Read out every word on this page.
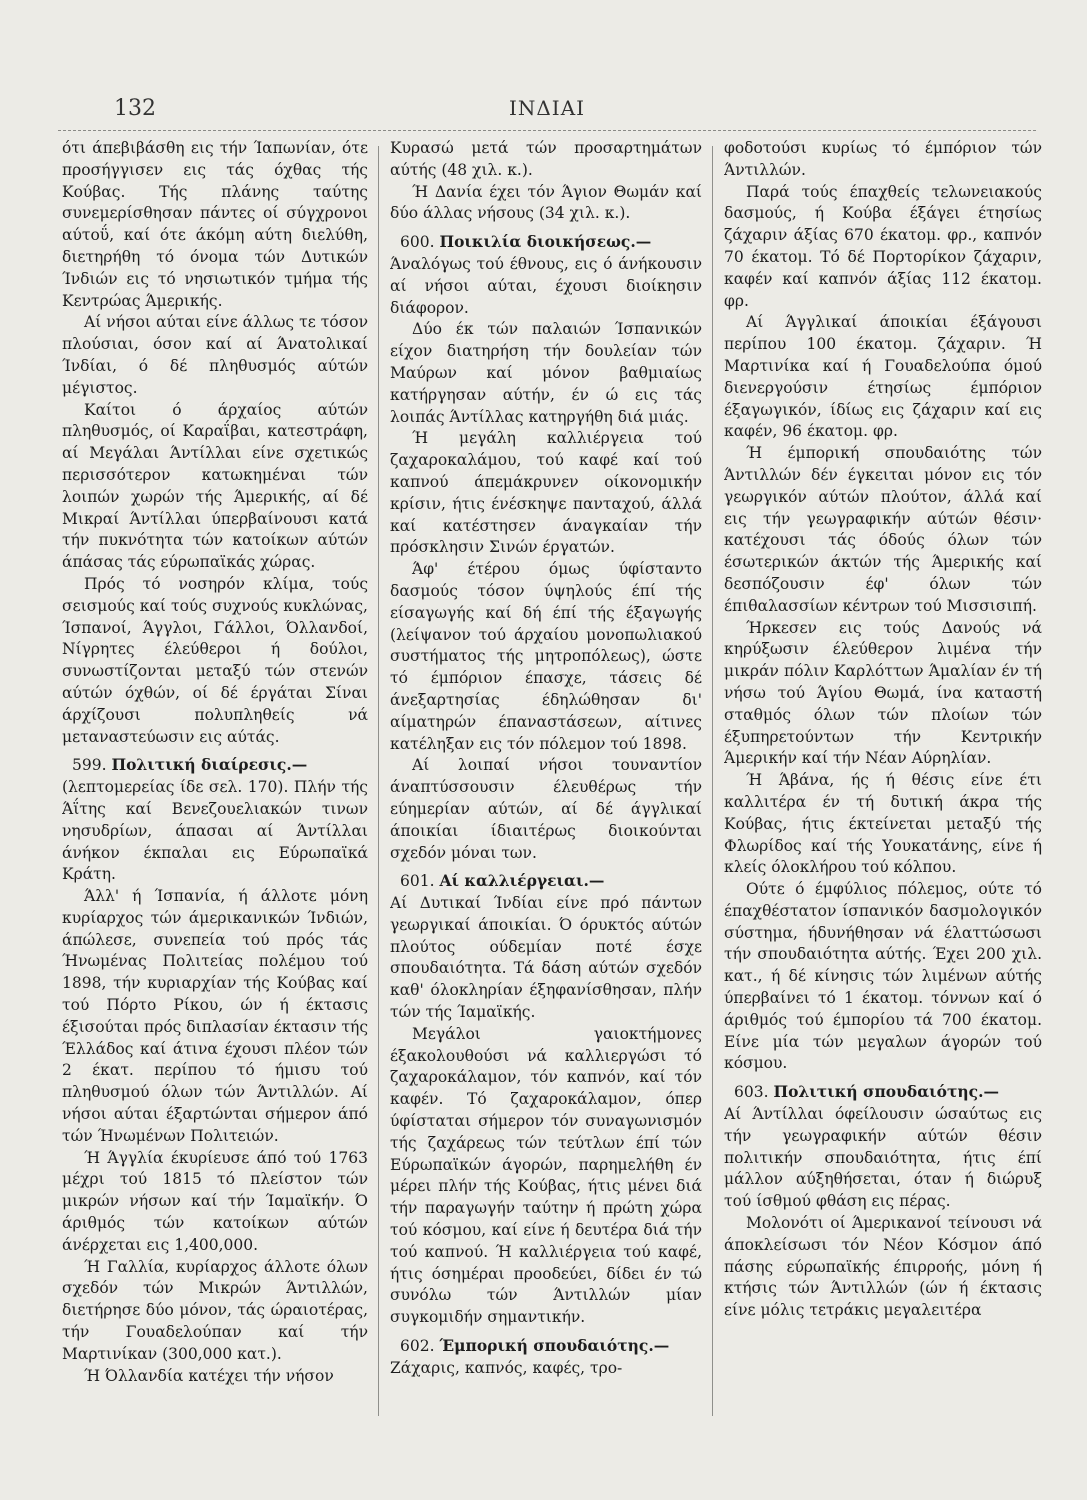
132	ΙΝΔΙΑΙ

ότι άπεβιβάσθη εις τήν Ίαπωνίαν, ότε προσήγγισεν εις τάς όχθας τής Κούβας. Τής πλάνης ταύτης συνεμερίσθησαν πάντες οί σύγχρονοι αύτοΰ, καί ότε άκόμη αύτη διελύθη, διετηρήθη τό όνομα τών Δυτικών Ίνδιών εις τό νησιωτικόν τμήμα τής Κεντρώας Άμερικής.

Αί νήσοι αύται είνε άλλως τε τόσον πλούσιαι, όσον καί αί Άνατολικαί Ίνδίαι, ό δέ πληθυσμός αύτών μέγιστος.

Καίτοι ό άρχαίος αύτών πληθυσμός, οί Καραΐβαι, κατεστράφη, αί Μεγάλαι Άντίλλαι είνε σχετικώς περισσότερον κατωκημέναι τών λοιπών χωρών τής Άμερικής, αί δέ Μικραί Άντίλλαι ύπερβαίνουσι κατά τήν πυκνότητα τών κατοίκων αύτών άπάσας τάς εύρωπαϊκάς χώρας.

Πρός τό νοσηρόν κλίμα, τούς σεισμούς καί τούς συχνούς κυκλώνας, Ίσπανοί, Άγγλοι, Γάλλοι, Όλλανδοί, Νίγρητες έλεύθεροι ή δούλοι, συνωστίζονται μεταξύ τών στενών αύτών όχθών, οί δέ έργάται Σίναι άρχίζουσι πολυπληθείς νά μεταναστεύωσιν εις αύτάς.

599. Πολιτική διαίρεσις.—

(λεπτομερείας ίδε σελ. 170). Πλήν τής Άΐτης καί Βενεζουελιακών τινων νησυδρίων, άπασαι αί Άντίλλαι άνήκον έκπαλαι εις Εύρωπαϊκά Κράτη.

Άλλ' ή Ίσπανία, ή άλλοτε μόνη κυρίαρχος τών άμερικανικών Ίνδιών, άπώλεσε, συνεπεία τού πρός τάς Ήνωμένας Πολιτείας πολέμου τού 1898, τήν κυριαρχίαν τής Κούβας καί τού Πόρτο Ρίκου, ών ή έκτασις έξισούται πρός διπλασίαν έκτασιν τής Έλλάδος καί άτινα έχουσι πλέον τών 2 έκατ. περίπου τό ήμισυ τού πληθυσμού όλων τών Άντιλλών. Αί νήσοι αύται έξαρτώνται σήμερον άπό τών Ήνωμένων Πολιτειών.

Ή Άγγλία έκυρίευσε άπό τού 1763 μέχρι τού 1815 τό πλείστον τών μικρών νήσων καί τήν Ίαμαϊκήν. Ό άριθμός τών κατοίκων αύτών άνέρχεται εις 1,400,000.

Ή Γαλλία, κυρίαρχος άλλοτε όλων σχεδόν τών Μικρών Άντιλλών, διετήρησε δύο μόνον, τάς ώραιοτέρας, τήν Γουαδελούπαν καί τήν Μαρτινίκαν (300,000 κατ.).

Ή Όλλανδία κατέχει τήν νήσον

Κυρασώ μετά τών προσαρτημάτων αύτής (48 χιλ. κ.).

Ή Δανία έχει τόν Άγιον Θωμάν καί δύο άλλας νήσους (34 χιλ. κ.).

600. Ποικιλία διοικήσεως.—

Άναλόγως τού έθνους, εις ό άνήκουσιν αί νήσοι αύται, έχουσι διοίκησιν διάφορον.

Δύο έκ τών παλαιών Ίσπανικών είχον διατηρήση τήν δουλείαν τών Μαύρων καί μόνον βαθμιαίως κατήργησαν αύτήν, έν ώ εις τάς λοιπάς Άντίλλας κατηργήθη διά μιάς.

Ή μεγάλη καλλιέργεια τού ζαχαροκαλάμου, τού καφέ καί τού καπνού άπεμάκρυνεν οίκονομικήν κρίσιν, ήτις ένέσκηψε πανταχού, άλλά καί κατέστησεν άναγκαίαν τήν πρόσκλησιν Σινών έργατών.

Άφ' έτέρου όμως ύφίσταντο δασμούς τόσον ύψηλούς έπί τής είσαγωγής καί δή έπί τής έξαγωγής (λείψανον τού άρχαίου μονοπωλιακού συστήματος τής μητροπόλεως), ώστε τό έμπόριον έπασχε, τάσεις δέ άνεξαρτησίας έδηλώθησαν δι' αίματηρών έπαναστάσεων, αίτινες κατέληξαν εις τόν πόλεμον τού 1898.

Αί λοιπαί νήσοι τουναντίον άναπτύσσουσιν έλευθέρως τήν εύημερίαν αύτών, αί δέ άγγλικαί άποικίαι ίδιαιτέρως διοικούνται σχεδόν μόναι των.

601. Αί καλλιέργειαι.—

Αί Δυτικαί Ίνδίαι είνε πρό πάντων γεωργικαί άποικίαι. Ό όρυκτός αύτών πλούτος ούδεμίαν ποτέ έσχε σπουδαιότητα. Τά δάση αύτών σχεδόν καθ' όλοκληρίαν έξηφανίσθησαν, πλήν τών τής Ίαμαϊκής.

Μεγάλοι γαιοκτήμονες έξακολουθούσι νά καλλιεργώσι τό ζαχαροκάλαμον, τόν καπνόν, καί τόν καφέν. Τό ζαχαροκάλαμον, όπερ ύφίσταται σήμερον τόν συναγωνισμόν τής ζαχάρεως τών τεύτλων έπί τών Εύρωπαϊκών άγορών, παρημελήθη έν μέρει πλήν τής Κούβας, ήτις μένει διά τήν παραγωγήν ταύτην ή πρώτη χώρα τού κόσμου, καί είνε ή δευτέρα διά τήν τού καπνού. Ή καλλιέργεια τού καφέ, ήτις όσημέραι προοδεύει, δίδει έν τώ συνόλω τών Άντιλλών μίαν συγκομιδήν σημαντικήν.

602. Έμπορική σπουδαιότης.—

Ζάχαρις, καπνός, καφές, τρο-

φοδοτούσι κυρίως τό έμπόριον τών Άντιλλών.

Παρά τούς έπαχθείς τελωνειακούς δασμούς, ή Κούβα έξάγει έτησίως ζάχαριν άξίας 670 έκατομ. φρ., καπνόν 70 έκατομ. Τό δέ Πορτορίκον ζάχαριν, καφέν καί καπνόν άξίας 112 έκατομ. φρ.

Αί Άγγλικαί άποικίαι έξάγουσι περίπου 100 έκατομ. ζάχαριν. Ή Μαρτινίκα καί ή Γουαδελούπα όμού διενεργούσιν έτησίως έμπόριον έξαγωγικόν, ίδίως εις ζάχαριν καί εις καφέν, 96 έκατομ. φρ.

Ή έμπορική σπουδαιότης τών Άντιλλών δέν έγκειται μόνον εις τόν γεωργικόν αύτών πλούτον, άλλά καί εις τήν γεωγραφικήν αύτών θέσιν· κατέχουσι τάς όδούς όλων τών έσωτερικών άκτών τής Άμερικής καί δεσπόζουσιν έφ' όλων τών έπιθαλασσίων κέντρων τού Μισσισιπή.

Ήρκεσεν εις τούς Δανούς νά κηρύξωσιν έλεύθερον λιμένα τήν μικράν πόλιν Καρλόττων Άμαλίαν έν τή νήσω τού Άγίου Θωμά, ίνα καταστή σταθμός όλων τών πλοίων τών έξυπηρετούντων τήν Κεντρικήν Άμερικήν καί τήν Νέαν Αύρηλίαν.

Ή Άβάνα, ής ή θέσις είνε έτι καλλιτέρα έν τή δυτική άκρα τής Κούβας, ήτις έκτείνεται μεταξύ τής Φλωρίδος καί τής Υουκατάνης, είνε ή κλείς όλοκλήρου τού κόλπου.

Ούτε ό έμφύλιος πόλεμος, ούτε τό έπαχθέστατον ίσπανικόν δασμολογικόν σύστημα, ήδυνήθησαν νά έλαττώσωσι τήν σπουδαιότητα αύτής. Έχει 200 χιλ. κατ., ή δέ κίνησις τών λιμένων αύτής ύπερβαίνει τό 1 έκατομ. τόννων καί ό άριθμός τού έμπορίου τά 700 έκατομ. Είνε μία τών μεγαλων άγορών τού κόσμου.

603. Πολιτική σπουδαιότης.—

Αί Άντίλλαι όφείλουσιν ώσαύτως εις τήν γεωγραφικήν αύτών θέσιν πολιτικήν σπουδαιότητα, ήτις έπί μάλλον αύξηθήσεται, όταν ή διώρυξ τού ίσθμού φθάση εις πέρας.

Μολονότι οί Άμερικανοί τείνουσι νά άποκλείσωσι τόν Νέον Κόσμον άπό πάσης εύρωπαϊκής έπιρροής, μόνη ή κτήσις τών Άντιλλών (ών ή έκτασις είνε μόλις τετράκις μεγαλειτέρα
